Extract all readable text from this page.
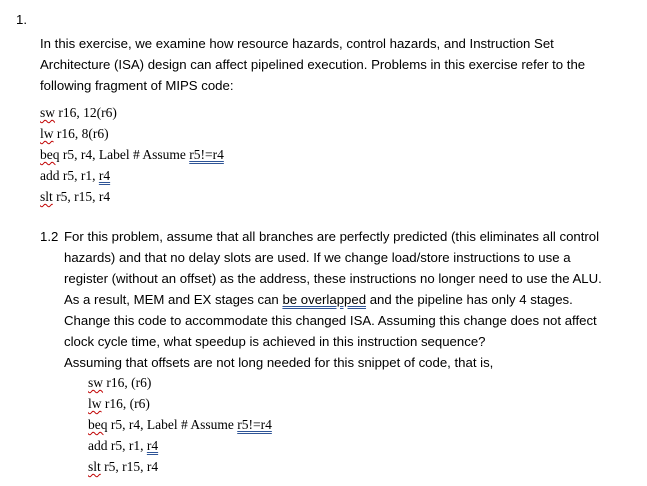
1.
In this exercise, we examine how resource hazards, control hazards, and Instruction Set
Architecture (ISA) design can affect pipelined execution. Problems in this exercise refer to the
following fragment of MIPS code:
sw r16, 12(r6)
lw r16, 8(r6)
beq r5, r4, Label # Assume r5!=r4
add r5, r1, r4
slt r5, r15, r4
1.2 For this problem, assume that all branches are perfectly predicted (this eliminates all control
hazards) and that no delay slots are used. If we change load/store instructions to use a
register (without an offset) as the address, these instructions no longer need to use the ALU.
As a result, MEM and EX stages can be overlapped and the pipeline has only 4 stages.
Change this code to accommodate this changed ISA. Assuming this change does not affect
clock cycle time, what speedup is achieved in this instruction sequence?
Assuming that offsets are not long needed for this snippet of code, that is,
sw r16, (r6)
lw r16, (r6)
beq r5, r4, Label # Assume r5!=r4
add r5, r1, r4
slt r5, r15, r4
